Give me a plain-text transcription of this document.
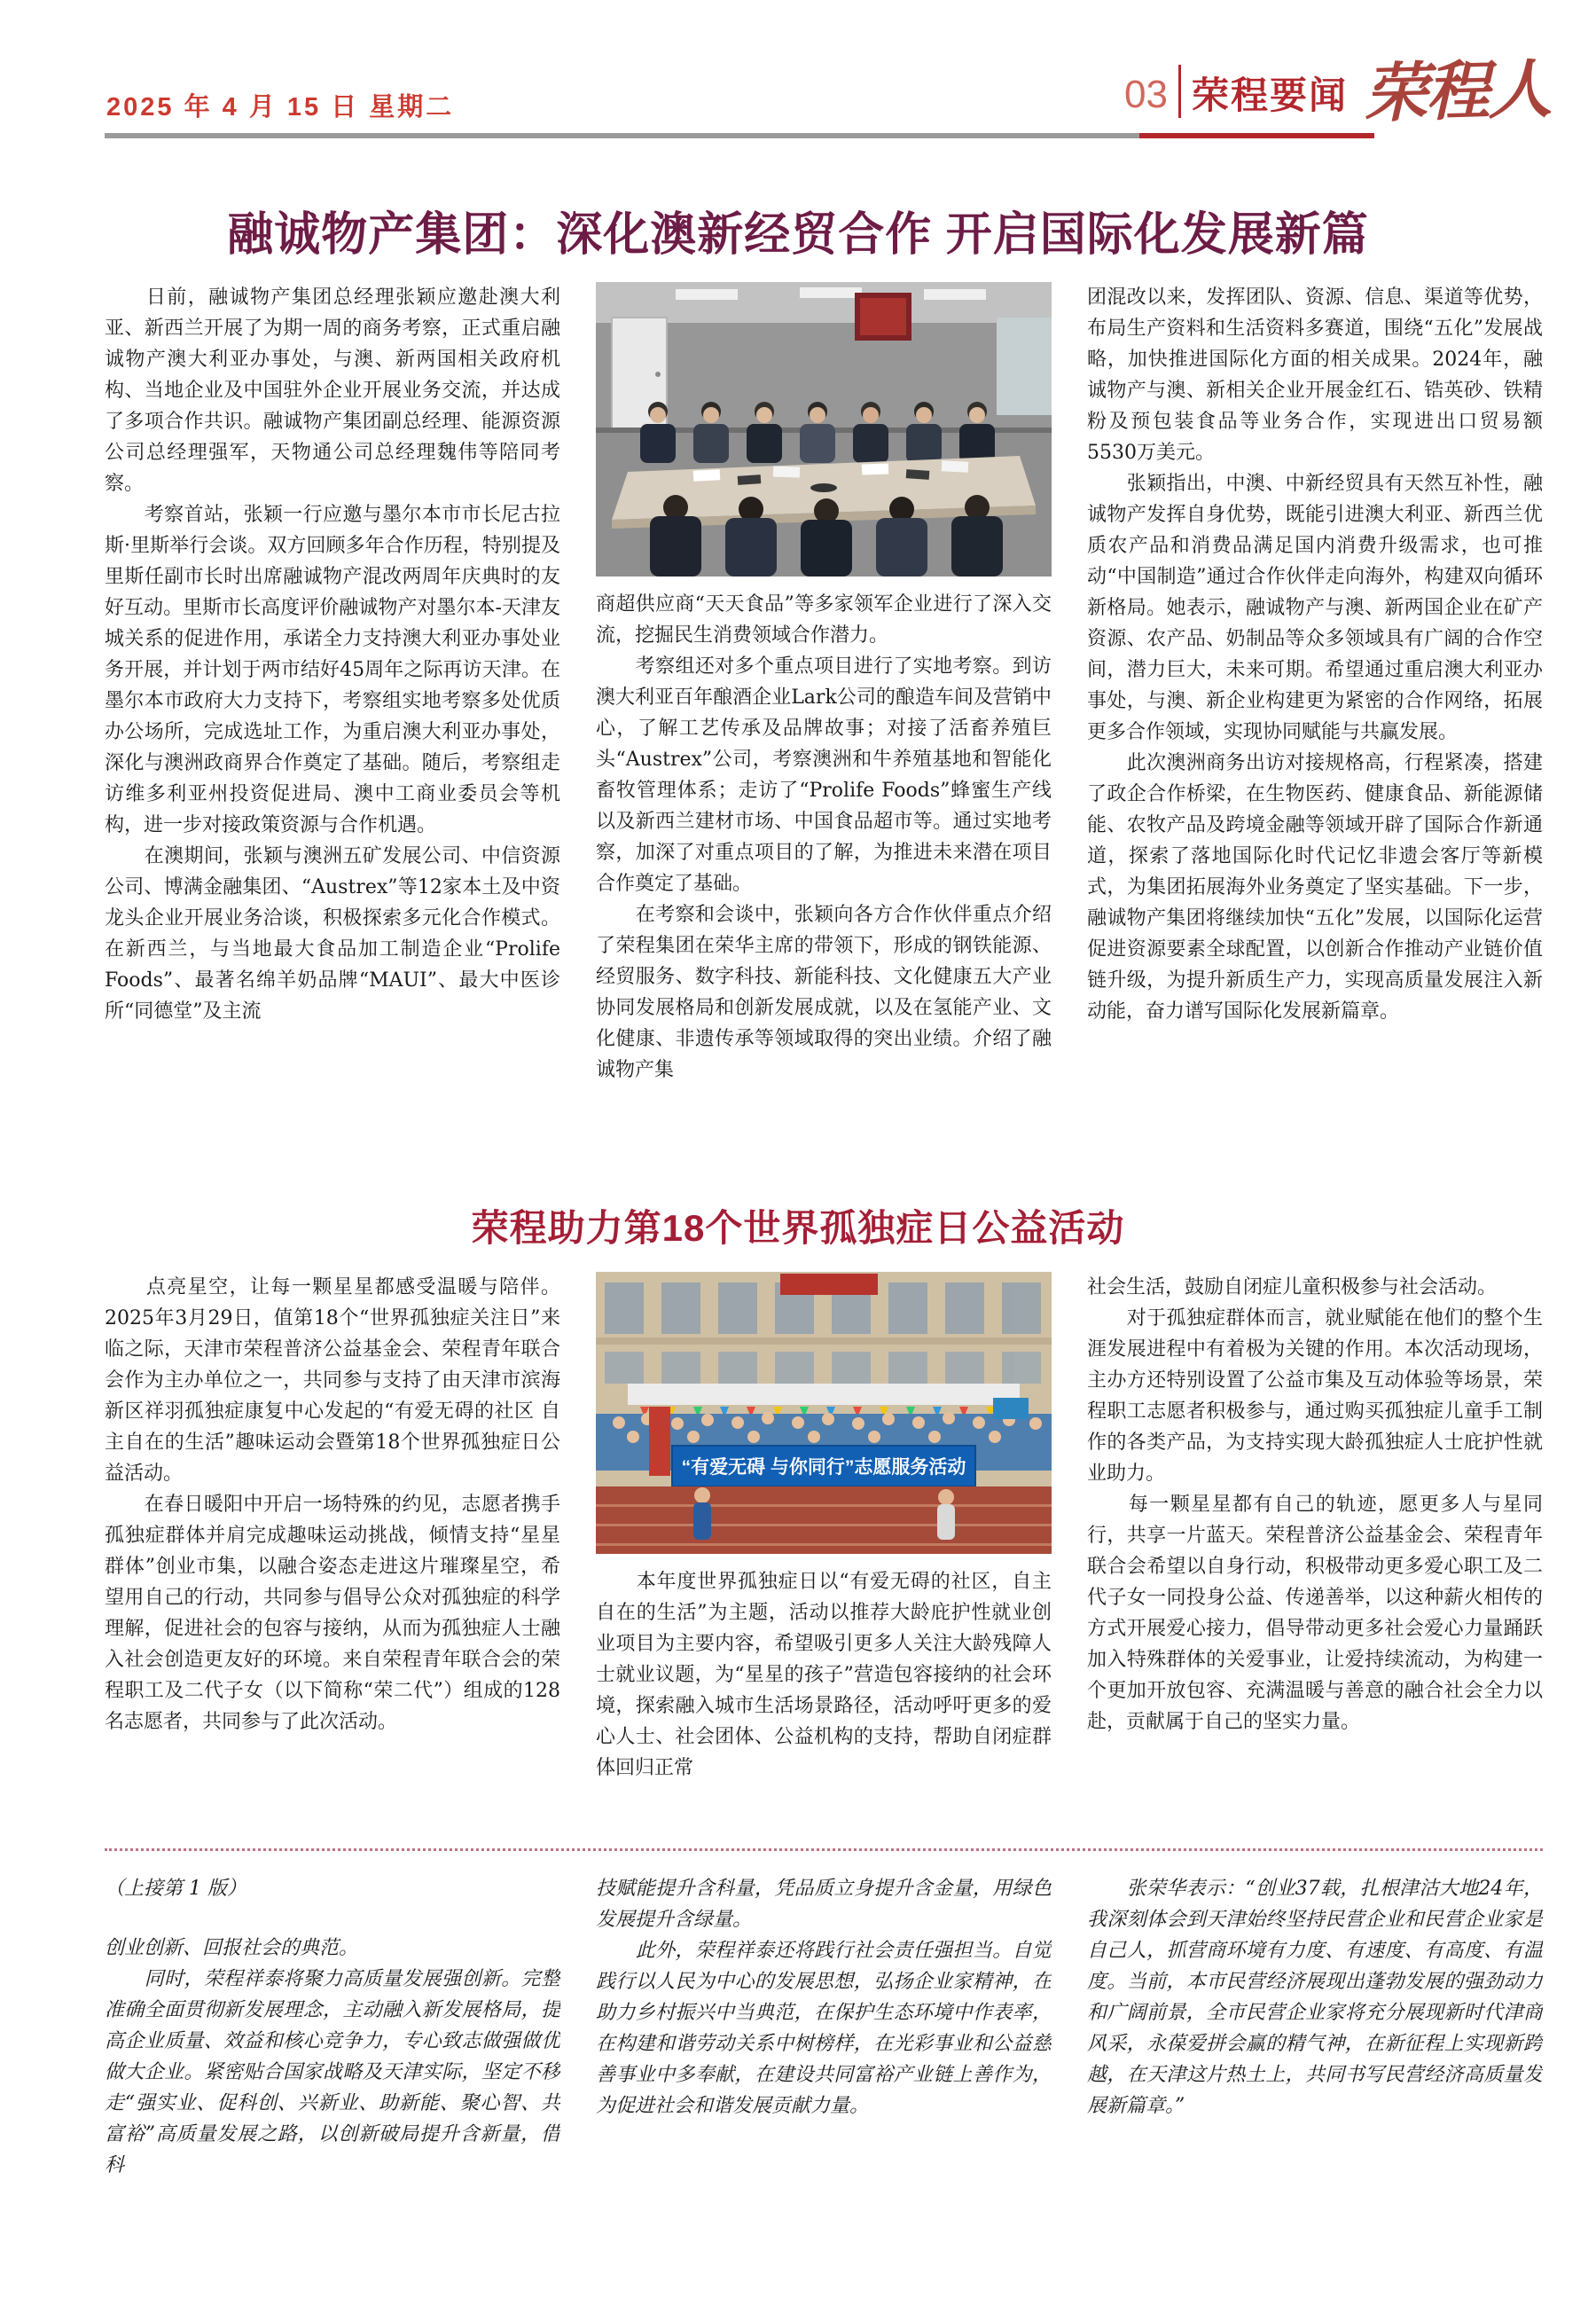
2025 年 4 月 15 日 星期二	03 荣程要闻 荣程人
融诚物产集团：深化澳新经贸合作 开启国际化发展新篇

　　日前，融诚物产集团总经理张颖应邀赴澳大利亚、新西兰开展了为期一周的商务考察，正式重启融诚物产澳大利亚办事处，与澳、新两国相关政府机构、当地企业及中国驻外企业开展业务交流，并达成了多项合作共识。融诚物产集团副总经理、能源资源公司总经理强军，天物通公司总经理魏伟等陪同考察。

　　考察首站，张颖一行应邀与墨尔本市市长尼古拉斯·里斯举行会谈。双方回顾多年合作历程，特别提及里斯任副市长时出席融诚物产混改两周年庆典时的友好互动。里斯市长高度评价融诚物产对墨尔本-天津友城关系的促进作用，承诺全力支持澳大利亚办事处业务开展，并计划于两市结好45周年之际再访天津。在墨尔本市政府大力支持下，考察组实地考察多处优质办公场所，完成选址工作，为重启澳大利亚办事处，深化与澳洲政商界合作奠定了基础。随后，考察组走访维多利亚州投资促进局、澳中工商业委员会等机构，进一步对接政策资源与合作机遇。

　　在澳期间，张颖与澳洲五矿发展公司、中信资源公司、博满金融集团、“Austrex”等12家本土及中资龙头企业开展业务洽谈，积极探索多元化合作模式。在新西兰，与当地最大食品加工制造企业“Prolife Foods”、最著名绵羊奶品牌“MAUI”、最大中医诊所“同德堂”及主流

商超供应商“天天食品”等多家领军企业进行了深入交流，挖掘民生消费领域合作潜力。

　　考察组还对多个重点项目进行了实地考察。到访澳大利亚百年酿酒企业Lark公司的酿造车间及营销中心，了解工艺传承及品牌故事；对接了活畜养殖巨头“Austrex”公司，考察澳洲和牛养殖基地和智能化畜牧管理体系；走访了“Prolife Foods”蜂蜜生产线以及新西兰建材市场、中国食品超市等。通过实地考察，加深了对重点项目的了解，为推进未来潜在项目合作奠定了基础。

　　在考察和会谈中，张颖向各方合作伙伴重点介绍了荣程集团在荣华主席的带领下，形成的钢铁能源、经贸服务、数字科技、新能科技、文化健康五大产业协同发展格局和创新发展成就，以及在氢能产业、文化健康、非遗传承等领域取得的突出业绩。介绍了融诚物产集

团混改以来，发挥团队、资源、信息、渠道等优势，布局生产资料和生活资料多赛道，围绕“五化”发展战略，加快推进国际化方面的相关成果。2024年，融诚物产与澳、新相关企业开展金红石、锆英砂、铁精粉及预包装食品等业务合作，实现进出口贸易额5530万美元。

　　张颖指出，中澳、中新经贸具有天然互补性，融诚物产发挥自身优势，既能引进澳大利亚、新西兰优质农产品和消费品满足国内消费升级需求，也可推动“中国制造”通过合作伙伴走向海外，构建双向循环新格局。她表示，融诚物产与澳、新两国企业在矿产资源、农产品、奶制品等众多领域具有广阔的合作空间，潜力巨大，未来可期。希望通过重启澳大利亚办事处，与澳、新企业构建更为紧密的合作网络，拓展更多合作领域，实现协同赋能与共赢发展。

　　此次澳洲商务出访对接规格高，行程紧凑，搭建了政企合作桥梁，在生物医药、健康食品、新能源储能、农牧产品及跨境金融等领域开辟了国际合作新通道，探索了落地国际化时代记忆非遗会客厅等新模式，为集团拓展海外业务奠定了坚实基础。下一步，融诚物产集团将继续加快“五化”发展，以国际化运营促进资源要素全球配置，以创新合作推动产业链价值链升级，为提升新质生产力，实现高质量发展注入新动能，奋力谱写国际化发展新篇章。

荣程助力第18个世界孤独症日公益活动

　　点亮星空，让每一颗星星都感受温暖与陪伴。2025年3月29日，值第18个“世界孤独症关注日”来临之际，天津市荣程普济公益基金会、荣程青年联合会作为主办单位之一，共同参与支持了由天津市滨海新区祥羽孤独症康复中心发起的“有爱无碍的社区 自主自在的生活”趣味运动会暨第18个世界孤独症日公益活动。

　　在春日暖阳中开启一场特殊的约见，志愿者携手孤独症群体并肩完成趣味运动挑战，倾情支持“星星群体”创业市集，以融合姿态走进这片璀璨星空，希望用自己的行动，共同参与倡导公众对孤独症的科学理解，促进社会的包容与接纳，从而为孤独症人士融入社会创造更友好的环境。来自荣程青年联合会的荣程职工及二代子女（以下简称“荣二代”）组成的128名志愿者，共同参与了此次活动。

“有爱无碍 与你同行”志愿服务活动

　　本年度世界孤独症日以“有爱无碍的社区，自主自在的生活”为主题，活动以推荐大龄庇护性就业创业项目为主要内容，希望吸引更多人关注大龄残障人士就业议题，为“星星的孩子”营造包容接纳的社会环境，探索融入城市生活场景路径，活动呼吁更多的爱心人士、社会团体、公益机构的支持，帮助自闭症群体回归正常

社会生活，鼓励自闭症儿童积极参与社会活动。

　　对于孤独症群体而言，就业赋能在他们的整个生涯发展进程中有着极为关键的作用。本次活动现场，主办方还特别设置了公益市集及互动体验等场景，荣程职工志愿者积极参与，通过购买孤独症儿童手工制作的各类产品，为支持实现大龄孤独症人士庇护性就业助力。

　　每一颗星星都有自己的轨迹，愿更多人与星同行，共享一片蓝天。荣程普济公益基金会、荣程青年联合会希望以自身行动，积极带动更多爱心职工及二代子女一同投身公益、传递善举，以这种薪火相传的方式开展爱心接力，倡导带动更多社会爱心力量踊跃加入特殊群体的关爱事业，让爱持续流动，为构建一个更加开放包容、充满温暖与善意的融合社会全力以赴，贡献属于自己的坚实力量。

（上接第 1 版）

创业创新、回报社会的典范。

　　同时，荣程祥泰将聚力高质量发展强创新。完整准确全面贯彻新发展理念，主动融入新发展格局，提高企业质量、效益和核心竞争力，专心致志做强做优做大企业。紧密贴合国家战略及天津实际，坚定不移走“强实业、促科创、兴新业、助新能、聚心智、共富裕”高质量发展之路，以创新破局提升含新量，借科

技赋能提升含科量，凭品质立身提升含金量，用绿色发展提升含绿量。

　　此外，荣程祥泰还将践行社会责任强担当。自觉践行以人民为中心的发展思想，弘扬企业家精神，在助力乡村振兴中当典范，在保护生态环境中作表率，在构建和谐劳动关系中树榜样，在光彩事业和公益慈善事业中多奉献，在建设共同富裕产业链上善作为，为促进社会和谐发展贡献力量。

　　张荣华表示：“创业37载，扎根津沽大地24年，我深刻体会到天津始终坚持民营企业和民营企业家是自己人，抓营商环境有力度、有速度、有高度、有温度。当前，本市民营经济展现出蓬勃发展的强劲动力和广阔前景，全市民营企业家将充分展现新时代津商风采，永葆爱拼会赢的精气神，在新征程上实现新跨越，在天津这片热土上，共同书写民营经济高质量发展新篇章。”
